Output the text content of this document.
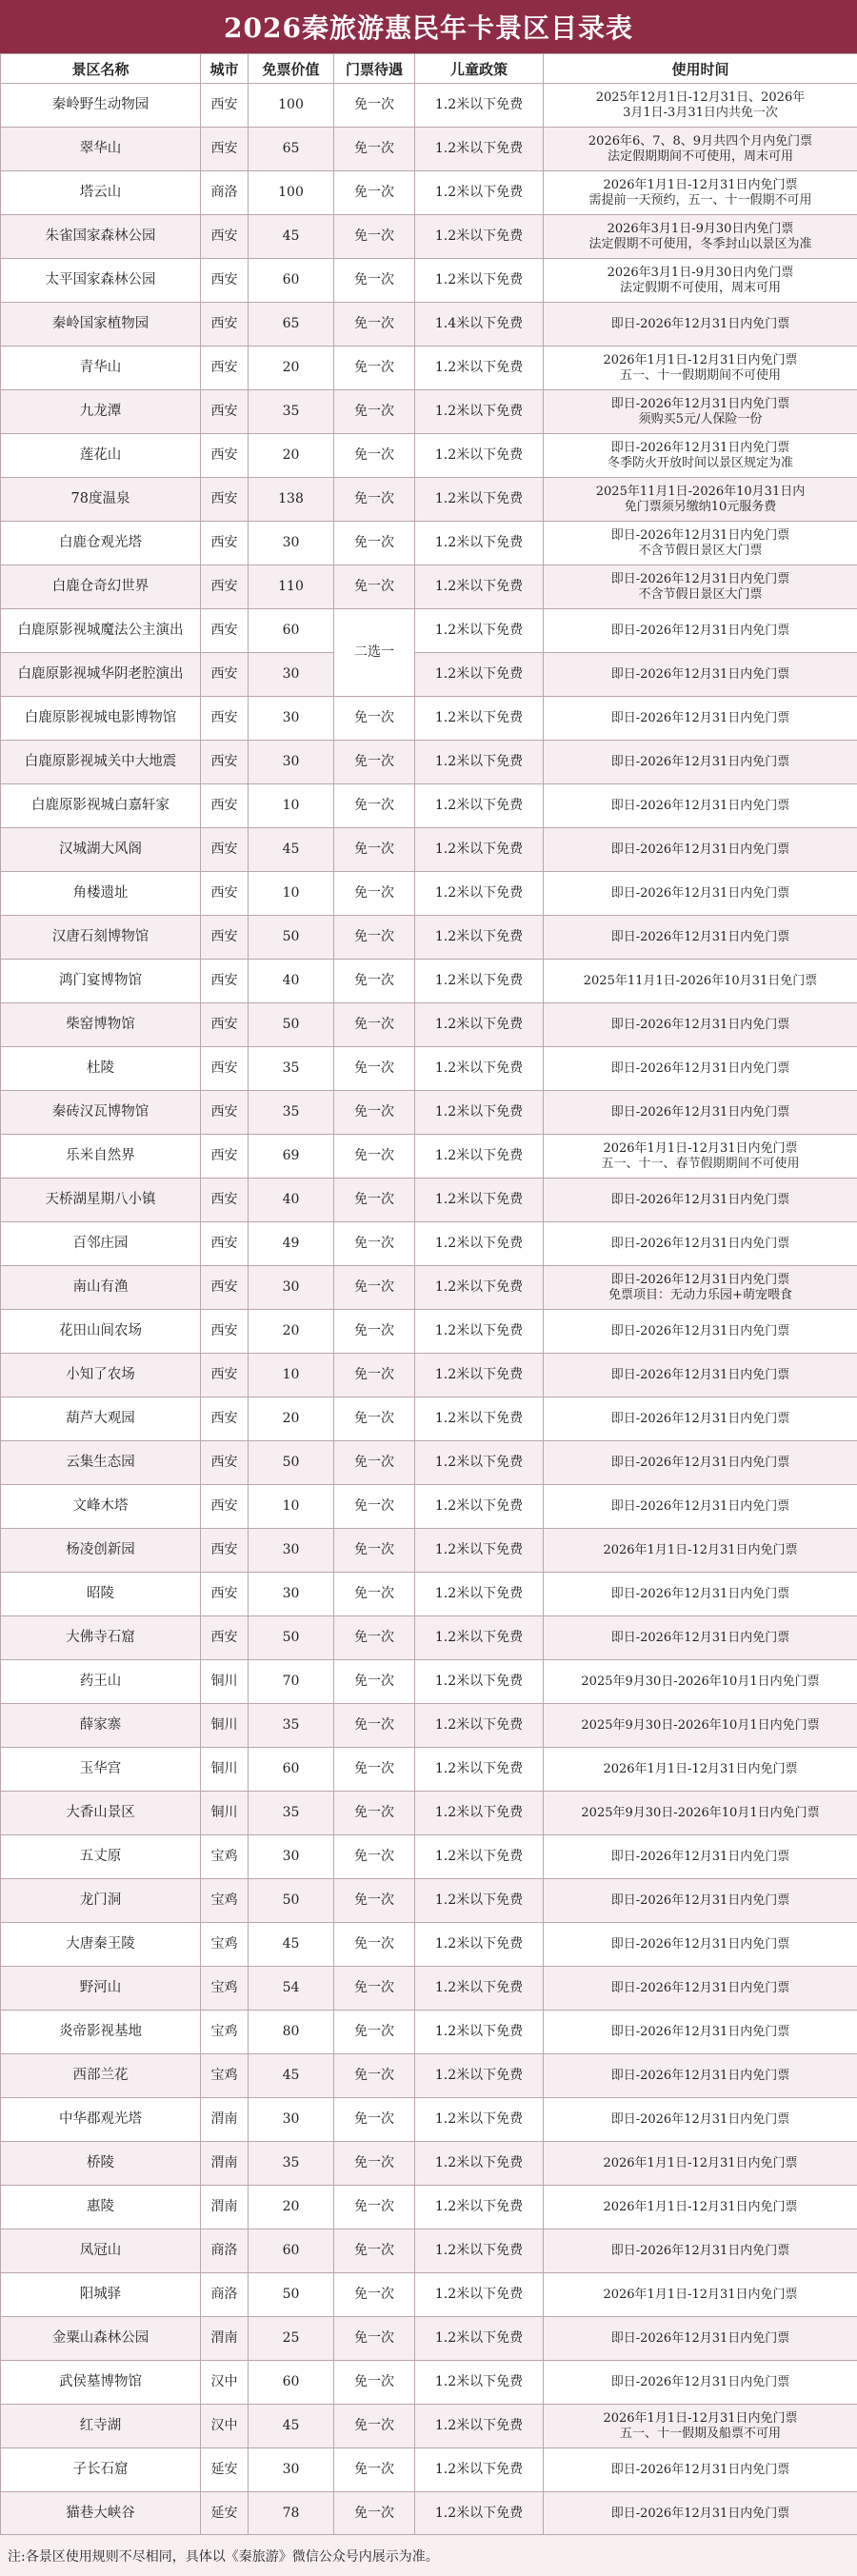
2026秦旅游惠民年卡景区目录表
景区名称	城市	免票价值	门票待遇	儿童政策	使用时间
秦岭野生动物园	西安	100	免一次	1.2米以下免费	2025年12月1日-12月31日、2026年
3月1日-3月31日内共免一次
翠华山	西安	65	免一次	1.2米以下免费	2026年6、7、8、9月共四个月内免门票
法定假期期间不可使用，周末可用
塔云山	商洛	100	免一次	1.2米以下免费	2026年1月1日-12月31日内免门票
需提前一天预约，五一、十一假期不可用
朱雀国家森林公园	西安	45	免一次	1.2米以下免费	2026年3月1日-9月30日内免门票
法定假期不可使用，冬季封山以景区为准
太平国家森林公园	西安	60	免一次	1.2米以下免费	2026年3月1日-9月30日内免门票
法定假期不可使用，周末可用
秦岭国家植物园	西安	65	免一次	1.4米以下免费	即日-2026年12月31日内免门票
青华山	西安	20	免一次	1.2米以下免费	2026年1月1日-12月31日内免门票
五一、十一假期期间不可使用
九龙潭	西安	35	免一次	1.2米以下免费	即日-2026年12月31日内免门票
须购买5元/人保险一份
莲花山	西安	20	免一次	1.2米以下免费	即日-2026年12月31日内免门票
冬季防火开放时间以景区规定为准
78度温泉	西安	138	免一次	1.2米以下免费	2025年11月1日-2026年10月31日内
免门票须另缴纳10元服务费
白鹿仓观光塔	西安	30	免一次	1.2米以下免费	即日-2026年12月31日内免门票
不含节假日景区大门票
白鹿仓奇幻世界	西安	110	免一次	1.2米以下免费	即日-2026年12月31日内免门票
不含节假日景区大门票
白鹿原影视城魔法公主演出	西安	60	二选一	1.2米以下免费	即日-2026年12月31日内免门票
白鹿原影视城华阴老腔演出	西安	30		1.2米以下免费	即日-2026年12月31日内免门票
白鹿原影视城电影博物馆	西安	30	免一次	1.2米以下免费	即日-2026年12月31日内免门票
白鹿原影视城关中大地震	西安	30	免一次	1.2米以下免费	即日-2026年12月31日内免门票
白鹿原影视城白嘉轩家	西安	10	免一次	1.2米以下免费	即日-2026年12月31日内免门票
汉城湖大风阁	西安	45	免一次	1.2米以下免费	即日-2026年12月31日内免门票
角楼遗址	西安	10	免一次	1.2米以下免费	即日-2026年12月31日内免门票
汉唐石刻博物馆	西安	50	免一次	1.2米以下免费	即日-2026年12月31日内免门票
鸿门宴博物馆	西安	40	免一次	1.2米以下免费	2025年11月1日-2026年10月31日免门票
柴窑博物馆	西安	50	免一次	1.2米以下免费	即日-2026年12月31日内免门票
杜陵	西安	35	免一次	1.2米以下免费	即日-2026年12月31日内免门票
秦砖汉瓦博物馆	西安	35	免一次	1.2米以下免费	即日-2026年12月31日内免门票
乐米自然界	西安	69	免一次	1.2米以下免费	2026年1月1日-12月31日内免门票
五一、十一、春节假期期间不可使用
天桥湖星期八小镇	西安	40	免一次	1.2米以下免费	即日-2026年12月31日内免门票
百邻庄园	西安	49	免一次	1.2米以下免费	即日-2026年12月31日内免门票
南山有渔	西安	30	免一次	1.2米以下免费	即日-2026年12月31日内免门票
免票项目：无动力乐园+萌宠喂食
花田山间农场	西安	20	免一次	1.2米以下免费	即日-2026年12月31日内免门票
小知了农场	西安	10	免一次	1.2米以下免费	即日-2026年12月31日内免门票
葫芦大观园	西安	20	免一次	1.2米以下免费	即日-2026年12月31日内免门票
云集生态园	西安	50	免一次	1.2米以下免费	即日-2026年12月31日内免门票
文峰木塔	西安	10	免一次	1.2米以下免费	即日-2026年12月31日内免门票
杨凌创新园	西安	30	免一次	1.2米以下免费	2026年1月1日-12月31日内免门票
昭陵	西安	30	免一次	1.2米以下免费	即日-2026年12月31日内免门票
大佛寺石窟	西安	50	免一次	1.2米以下免费	即日-2026年12月31日内免门票
药王山	铜川	70	免一次	1.2米以下免费	2025年9月30日-2026年10月1日内免门票
薛家寨	铜川	35	免一次	1.2米以下免费	2025年9月30日-2026年10月1日内免门票
玉华宫	铜川	60	免一次	1.2米以下免费	2026年1月1日-12月31日内免门票
大香山景区	铜川	35	免一次	1.2米以下免费	2025年9月30日-2026年10月1日内免门票
五丈原	宝鸡	30	免一次	1.2米以下免费	即日-2026年12月31日内免门票
龙门洞	宝鸡	50	免一次	1.2米以下免费	即日-2026年12月31日内免门票
大唐秦王陵	宝鸡	45	免一次	1.2米以下免费	即日-2026年12月31日内免门票
野河山	宝鸡	54	免一次	1.2米以下免费	即日-2026年12月31日内免门票
炎帝影视基地	宝鸡	80	免一次	1.2米以下免费	即日-2026年12月31日内免门票
西部兰花	宝鸡	45	免一次	1.2米以下免费	即日-2026年12月31日内免门票
中华郡观光塔	渭南	30	免一次	1.2米以下免费	即日-2026年12月31日内免门票
桥陵	渭南	35	免一次	1.2米以下免费	2026年1月1日-12月31日内免门票
惠陵	渭南	20	免一次	1.2米以下免费	2026年1月1日-12月31日内免门票
凤冠山	商洛	60	免一次	1.2米以下免费	即日-2026年12月31日内免门票
阳城驿	商洛	50	免一次	1.2米以下免费	2026年1月1日-12月31日内免门票
金粟山森林公园	渭南	25	免一次	1.2米以下免费	即日-2026年12月31日内免门票
武侯墓博物馆	汉中	60	免一次	1.2米以下免费	即日-2026年12月31日内免门票
红寺湖	汉中	45	免一次	1.2米以下免费	2026年1月1日-12月31日内免门票
五一、十一假期及船票不可用
子长石窟	延安	30	免一次	1.2米以下免费	即日-2026年12月31日内免门票
猫巷大峡谷	延安	78	免一次	1.2米以下免费	即日-2026年12月31日内免门票
注:各景区使用规则不尽相同，具体以《秦旅游》微信公众号内展示为准。
